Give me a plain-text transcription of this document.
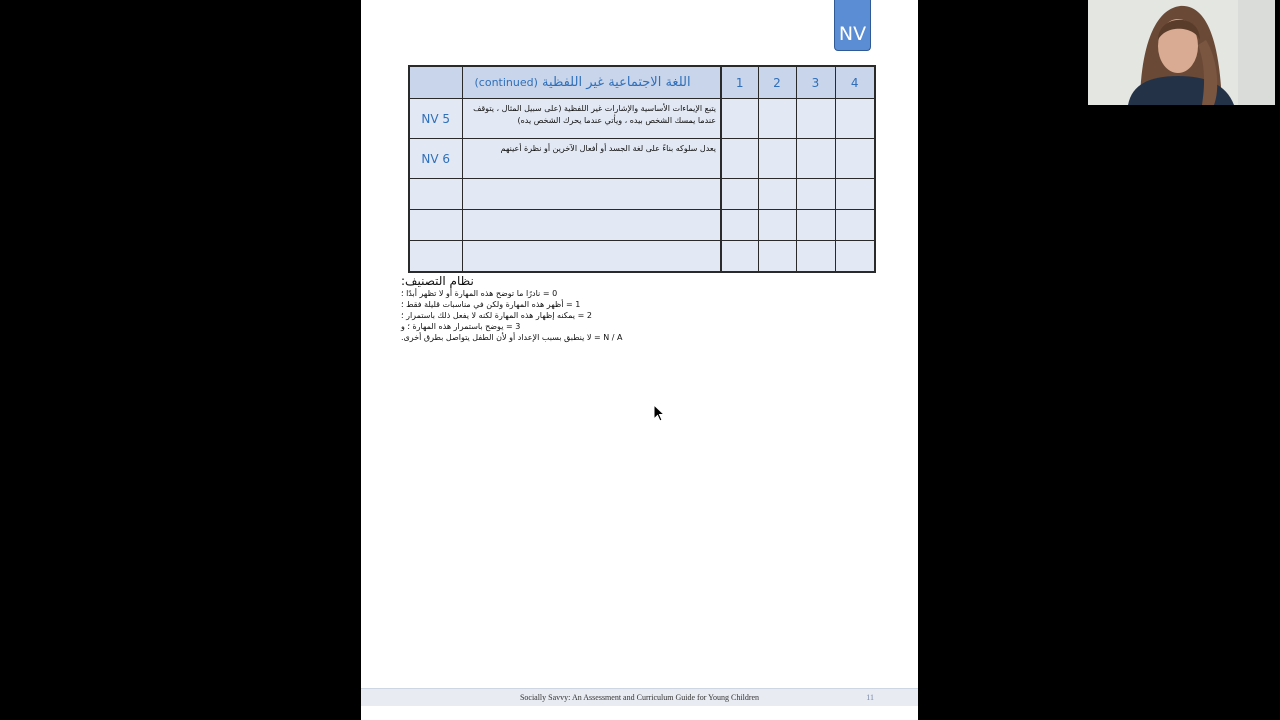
NV
	اللغة الاجتماعية غير اللفظية (continued)	1	2	3	4
NV 5	يتبع الإيماءات الأساسية والإشارات غير اللفظية (على سبيل المثال ، يتوقف عندما يمسك الشخص بيده ، ويأتي عندما يحرك الشخص يده)				
NV 6	يعدل سلوكه بناءً على لغة الجسد أو أفعال الآخرين أو نظرة أعينهم				

نظام التصنيف:
0 = نادرًا ما توضح هذه المهارة أو لا تظهر أبدًا ؛
1 = أظهر هذه المهارة ولكن في مناسبات قليلة فقط ؛
2 = يمكنه إظهار هذه المهارة لكنه لا يفعل ذلك باستمرار ؛
3 = يوضح باستمرار هذه المهارة ؛ و
N / A = لا ينطبق بسبب الإعداد أو لأن الطفل يتواصل بطرق أخرى.
Socially Savvy: An Assessment and Curriculum Guide for Young Children	11
